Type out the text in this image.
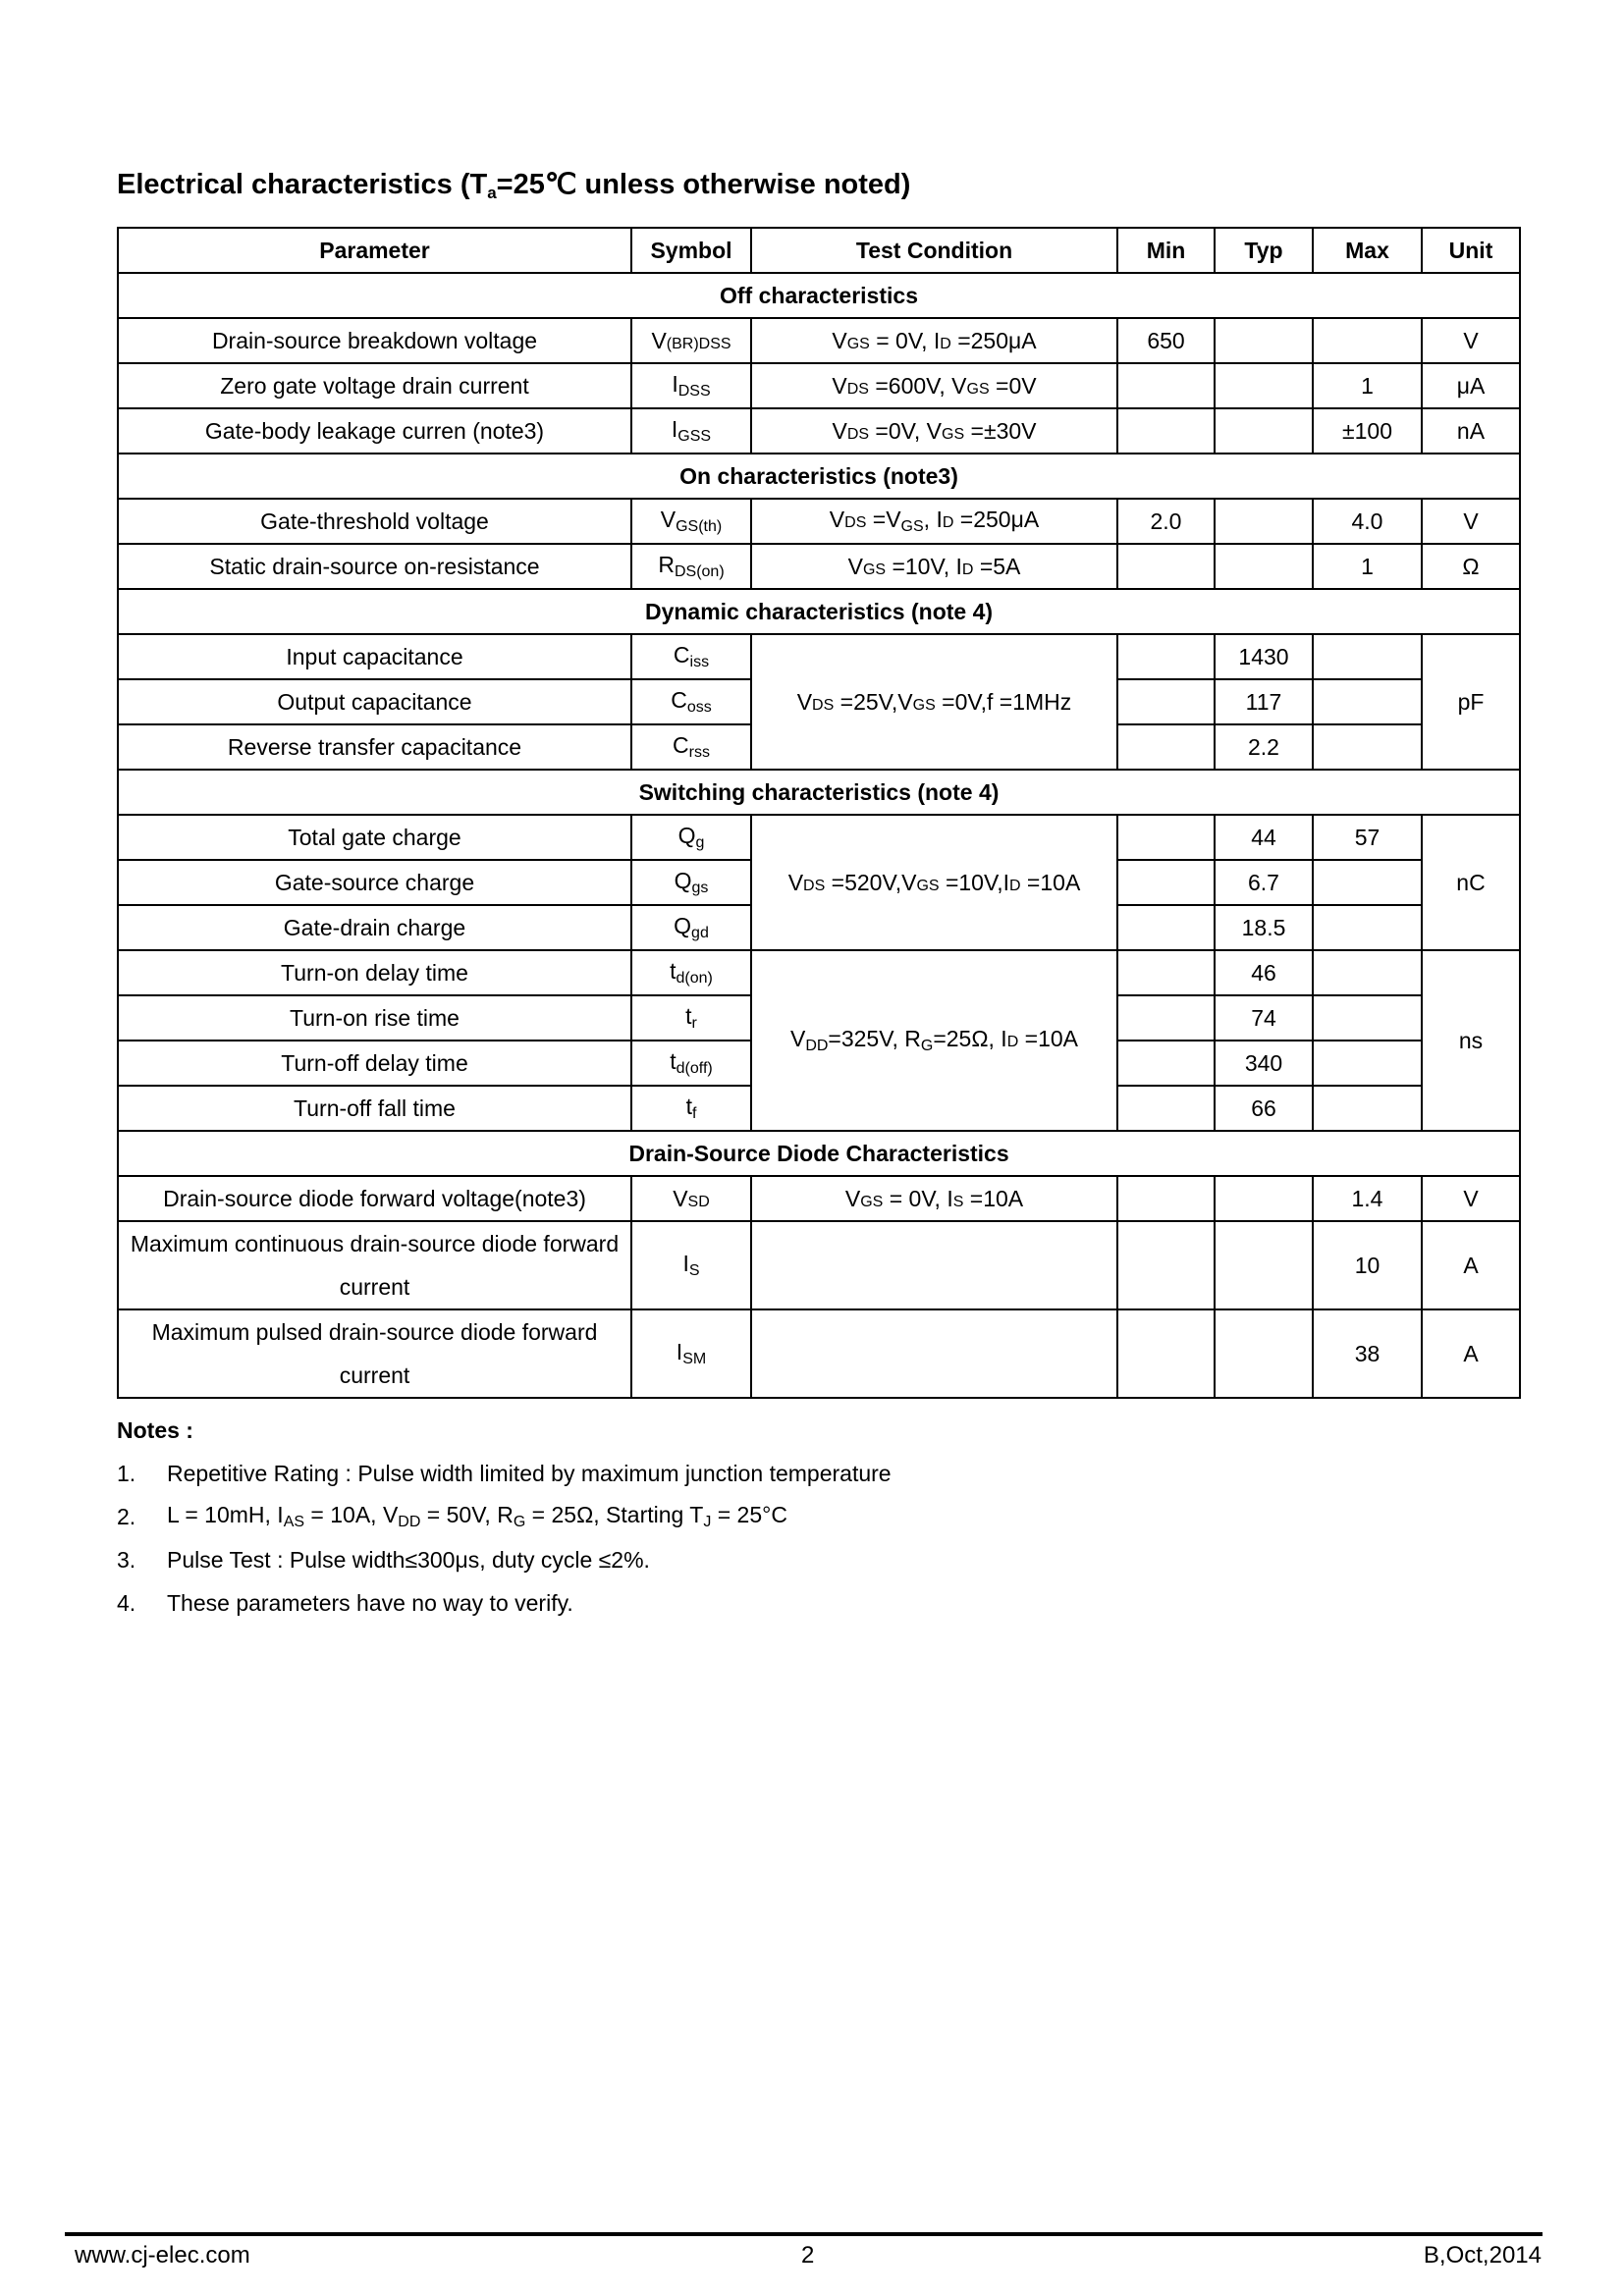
Electrical characteristics ($T_a=25℃$ unless otherwise noted)
Parameter	Symbol	Test Condition	Min	Typ	Max	Unit
Off characteristics						
Drain-source breakdown voltage	V(BR)DSS	VGS = 0V, ID =250μA	650			V
Zero gate voltage drain current	$I_{DSS}$	VDS =600V, VGS =0V			1	μA
Gate-body leakage curren (note3)	$I_{GSS}$	VDS =0V, VGS =±30V			±100	nA
On characteristics (note3)						
Gate-threshold voltage	$V_{GS(th)}$	VDS $=V_{GS}$, ID =250μA	2.0		4.0	V
Static drain-source on-resistance	$R_{DS(on)}$	VGS =10V, ID =5A			1	Ω
Dynamic characteristics (note 4)						
Input capacitance	$C_{iss}$	VDS =25V,VGS =0V,f =1MHz		1430		pF
Output capacitance	$C_{oss}$			117		
Reverse transfer capacitance	$C_{rss}$			2.2		
Switching characteristics (note 4)						
Total gate charge	$Q_g$	VDS =520V,VGS =10V,ID =10A		44	57	nC
Gate-source charge	$Q_{gs}$			6.7		
Gate-drain charge	$Q_{gd}$			18.5		
Turn-on delay time	$t_{d(on)}$	$V_{DD}=325V$, $R_G=25\Omega$, ID =10A		46		ns
Turn-on rise time	$t_r$			74		
Turn-off delay time	$t_{d(off)}$			340		
Turn-off fall time	$t_f$			66		
Drain-Source Diode Characteristics						
Drain-source diode forward voltage(note3)	VSD	VGS = 0V, IS =10A			1.4	V
Maximum continuous drain-source diode forward current	$I_S$				10	A
Maximum pulsed drain-source diode forward current	$I_{SM}$				38	A
Notes :
1.	Repetitive Rating : Pulse width limited by maximum junction temperature
2.	L = 10mH, $I_{AS} = 10A$, $V_{DD} = 50V$, $R_G = 25\Omega$, Starting $T_J = 25^\circ C$
3.	Pulse Test : Pulse width≤300μs, duty cycle ≤2%.
4.	These parameters have no way to verify.
www.cj-elec.com	2	B,Oct,2014
